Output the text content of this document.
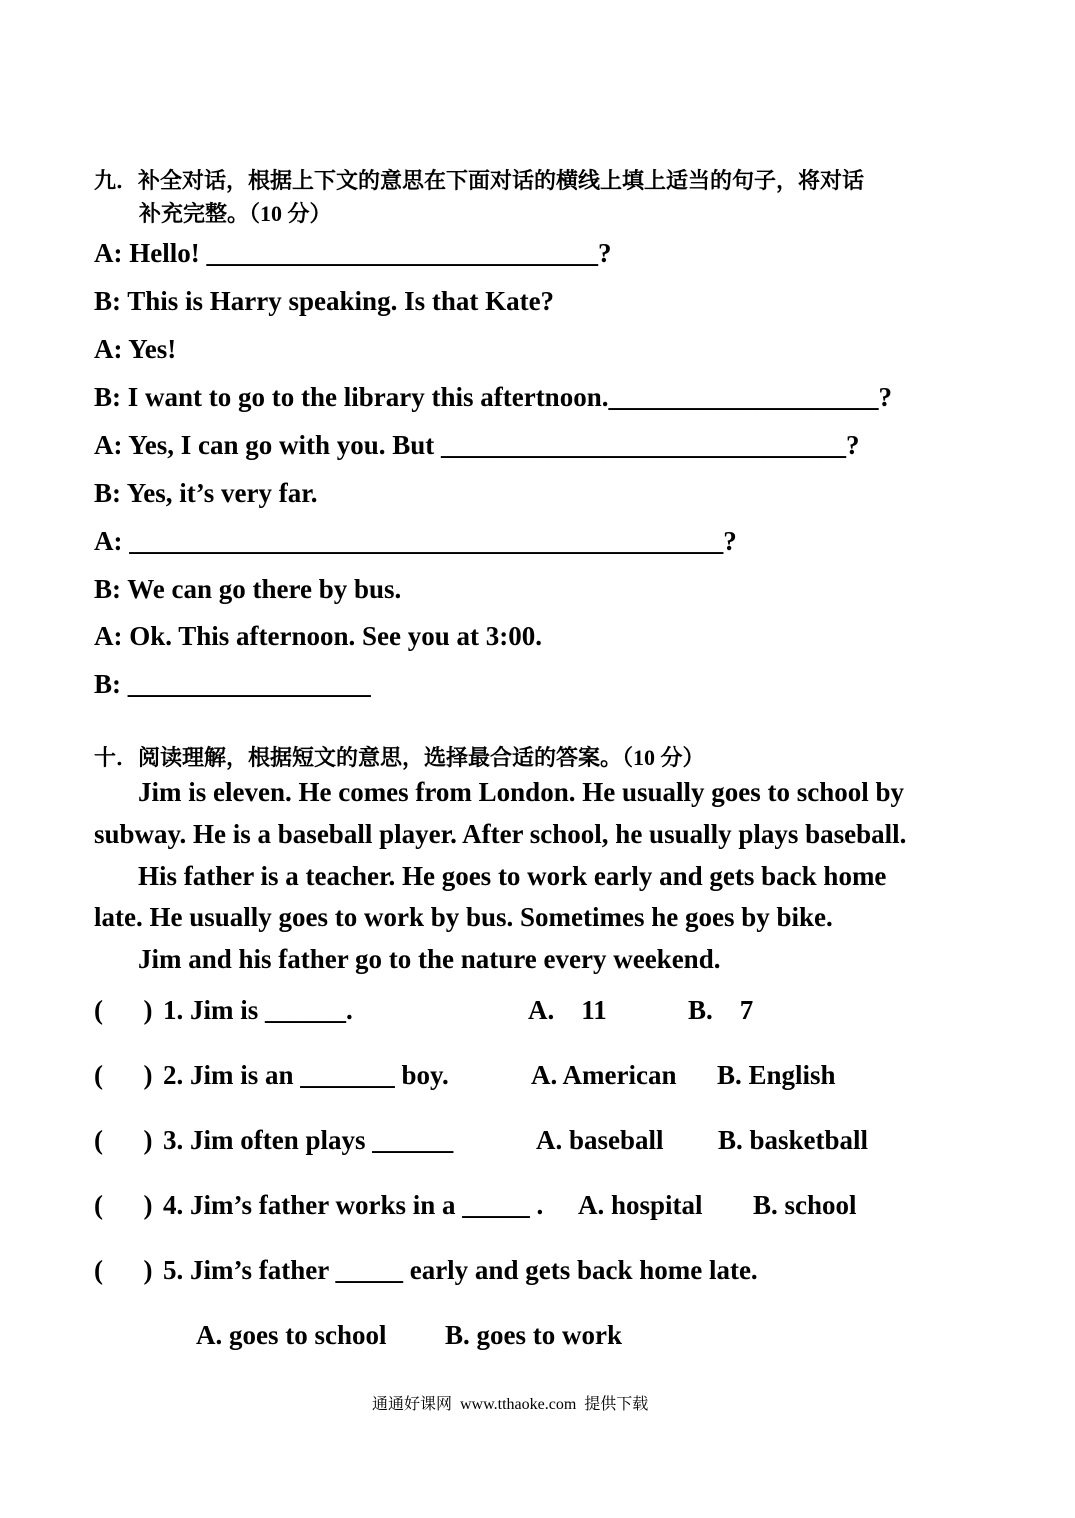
九．补全对话，根据上下文的意思在下面对话的横线上填上适当的句子，将对话
补充完整。（10 分）
A: Hello! _____________________________?
B: This is Harry speaking. Is that Kate?
A: Yes!
B: I want to go to the library this aftertnoon.____________________?
A: Yes, I can go with you. But ______________________________?
B: Yes, it’s very far.
A: ____________________________________________?
B: We can go there by bus.
A: Ok. This afternoon. See you at 3:00.
B: __________________
十．阅读理解，根据短文的意思，选择最合适的答案。（10 分）
Jim is eleven. He comes from London. He usually goes to school by
subway. He is a baseball player. After school, he usually plays baseball.
His father is a teacher. He goes to work early and gets back home
late. He usually goes to work by bus. Sometimes he goes by bike.
Jim and his father go to the nature every weekend.
(      ) 1. Jim is ______.	A.    11	B.    7
(      ) 2. Jim is an _______ boy.	A. American B. English
(      ) 3. Jim often plays ______	A. baseball B. basketball
(      ) 4. Jim’s father works in a _____ . A. hospital B. school
(      ) 5. Jim’s father _____ early and gets back home late.
A. goes to school B. goes to work
通通好课网  www.tthaoke.com  提供下载
